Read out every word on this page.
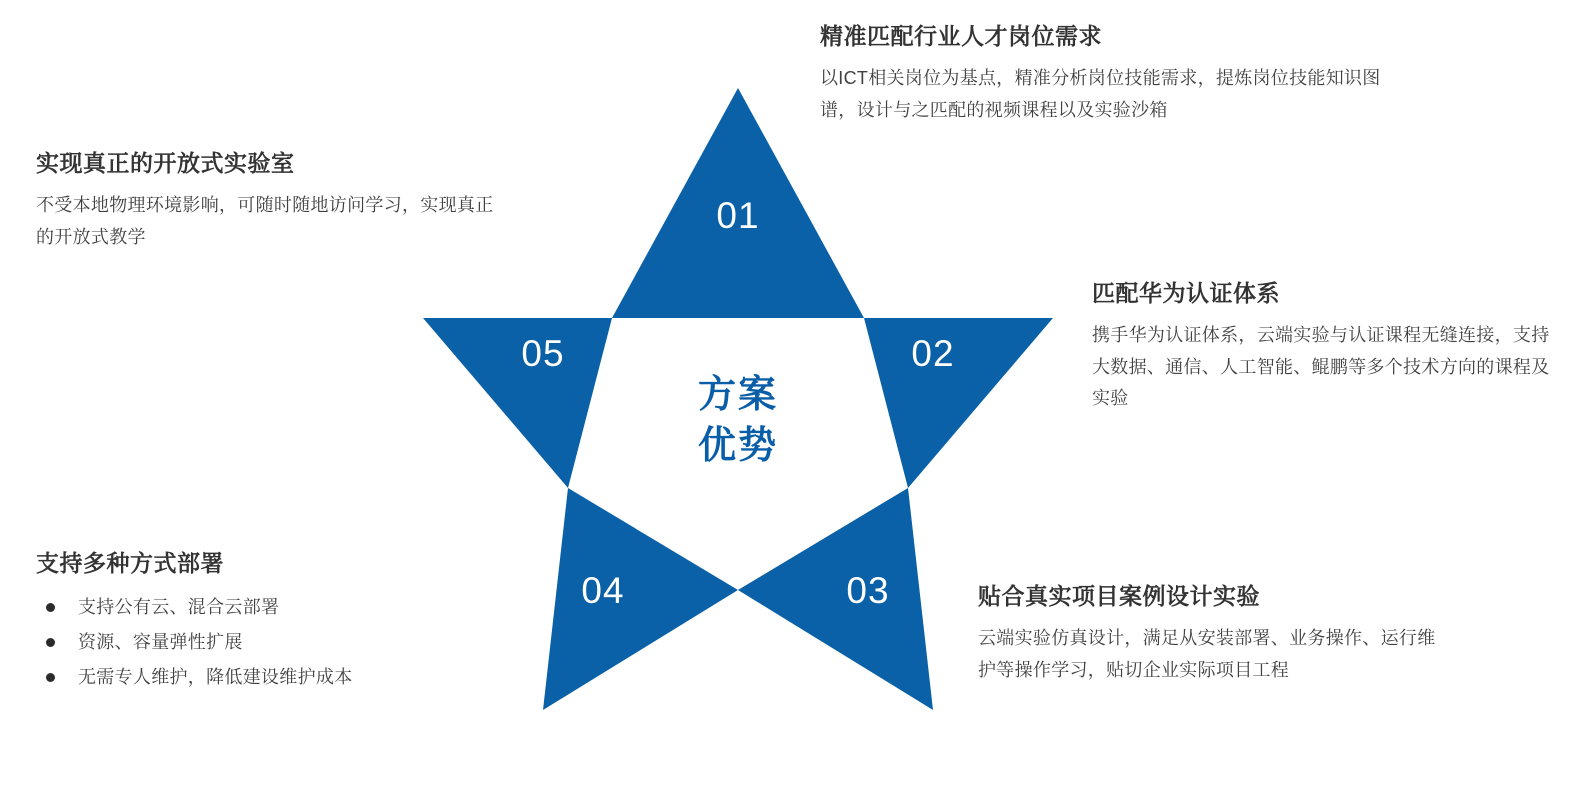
01
02
03
04
05
方案
优势
精准匹配行业人才岗位需求

以ICT相关岗位为基点，精准分析岗位技能需求，提炼岗位技能知识图谱，设计与之匹配的视频课程以及实验沙箱

匹配华为认证体系

携手华为认证体系，云端实验与认证课程无缝连接，支持大数据、通信、人工智能、鲲鹏等多个技术方向的课程及实验

贴合真实项目案例设计实验

云端实验仿真设计，满足从安装部署、业务操作、运行维护等操作学习，贴切企业实际项目工程

支持多种方式部署
支持公有云、混合云部署
资源、容量弹性扩展
无需专人维护，降低建设维护成本
实现真正的开放式实验室

不受本地物理环境影响，可随时随地访问学习，实现真正的开放式教学
